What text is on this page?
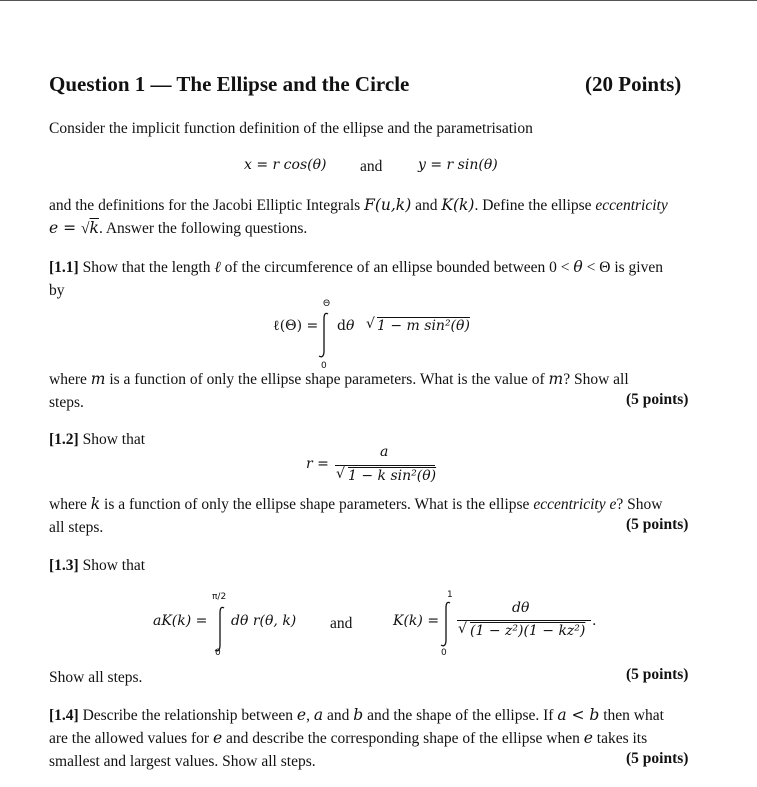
Question 1 — The Ellipse and the Circle	(20 Points)
Consider the implicit function definition of the ellipse and the parametrisation
x = r cos(θ) and	y = r sin(θ)
and the definitions for the Jacobi Elliptic Integrals F(u,k) and K(k). Define the ellipse eccentricity
e = √k. Answer the following questions.
[1.1] Show that the length ℓ of the circumference of an ellipse bounded between 0 < θ < Θ is given
by
ℓ(Θ) =
Θ
0
dθ √ 1 − m sin²(θ)
where m is a function of only the ellipse shape parameters. What is the value of m? Show all
steps.	(5 points)
[1.2] Show that
r =
a
√ 1 − k sin²(θ)
where k is a function of only the ellipse shape parameters. What is the ellipse eccentricity e? Show
all steps.	(5 points)
[1.3] Show that
aK(k) =
π/2
0
dθ r(θ, k) and	K(k) =
1
0
dθ
√ (1 − z²)(1 − kz²)
.
Show all steps.	(5 points)
[1.4] Describe the relationship between e, a and b and the shape of the ellipse. If a < b then what
are the allowed values for e and describe the corresponding shape of the ellipse when e takes its
smallest and largest values. Show all steps.	(5 points)
